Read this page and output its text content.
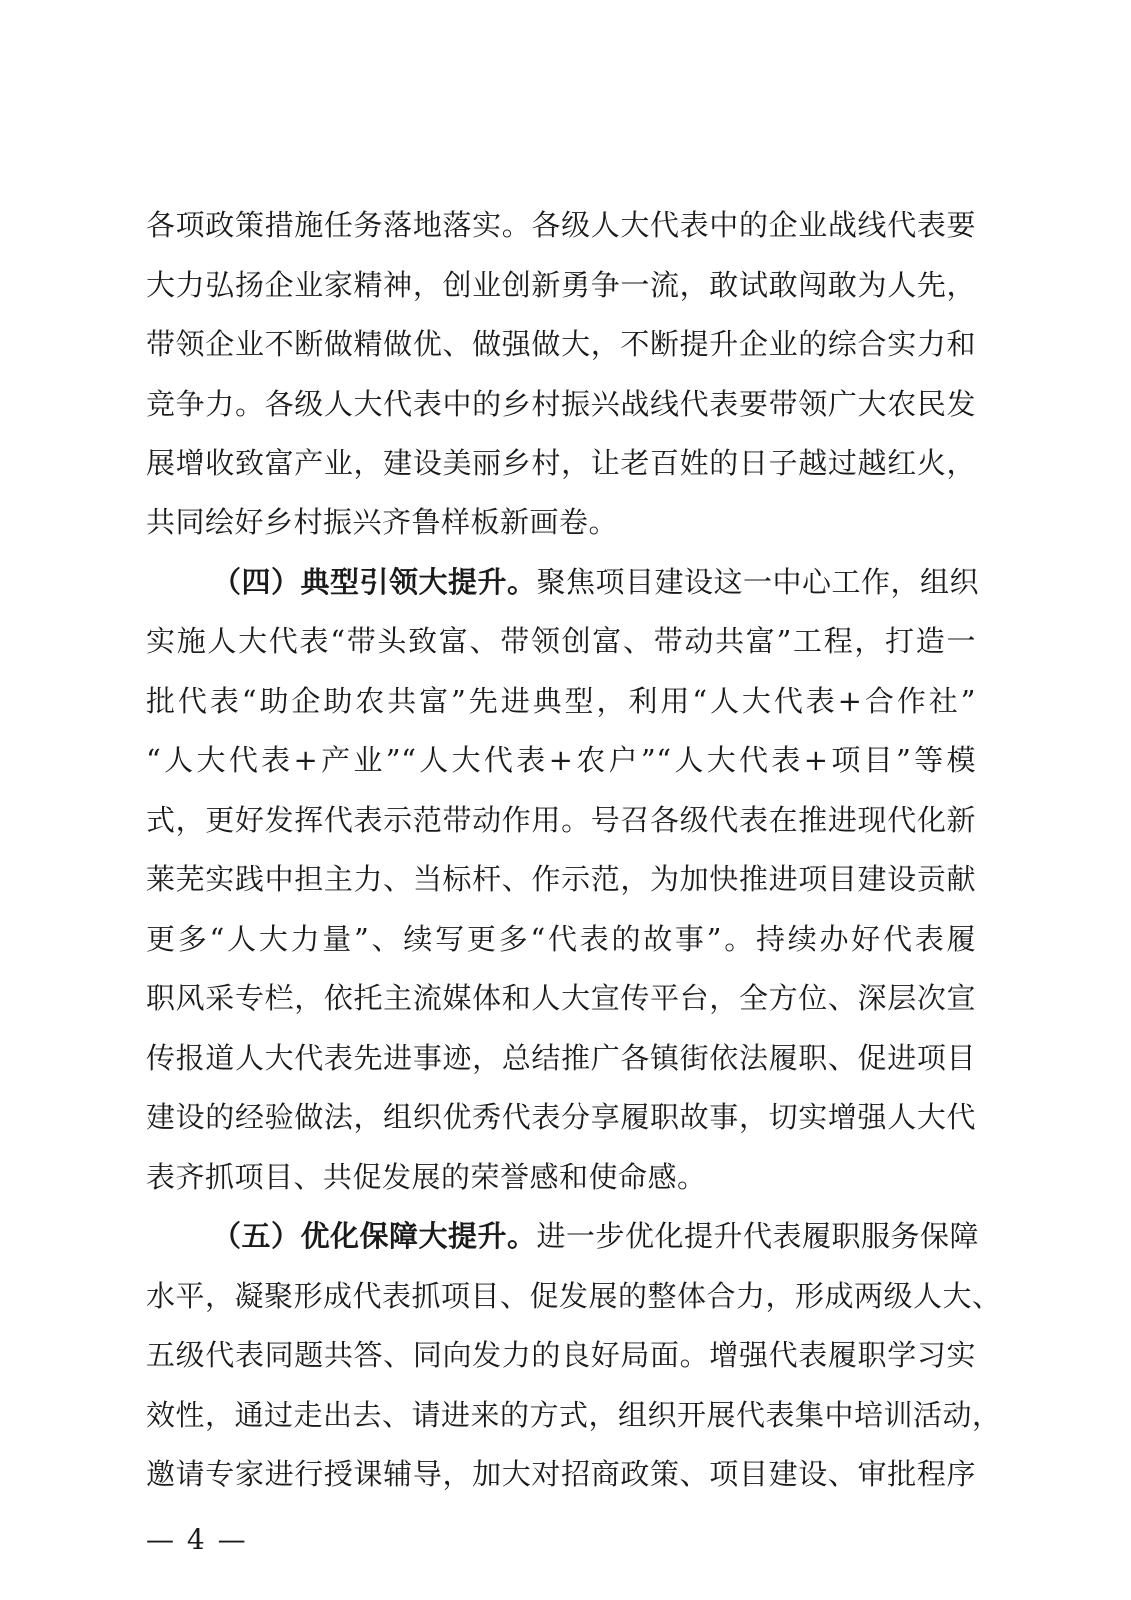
各项政策措施任务落地落实。各级人大代表中的企业战线代表要
大力弘扬企业家精神，创业创新勇争一流，敢试敢闯敢为人先，
带领企业不断做精做优、做强做大，不断提升企业的综合实力和
竞争力。各级人大代表中的乡村振兴战线代表要带领广大农民发
展增收致富产业，建设美丽乡村，让老百姓的日子越过越红火，
共同绘好乡村振兴齐鲁样板新画卷。
（四）典型引领大提升。聚焦项目建设这一中心工作，组织
实施人大代表“带头致富、带领创富、带动共富”工程，打造一
批代表“助企助农共富”先进典型，利用“人大代表+合作社”
“人大代表+产业”“人大代表+农户”“人大代表+项目”等模
式，更好发挥代表示范带动作用。号召各级代表在推进现代化新
莱芜实践中担主力、当标杆、作示范，为加快推进项目建设贡献
更多“人大力量”、续写更多“代表的故事”。持续办好代表履
职风采专栏，依托主流媒体和人大宣传平台，全方位、深层次宣
传报道人大代表先进事迹，总结推广各镇街依法履职、促进项目
建设的经验做法，组织优秀代表分享履职故事，切实增强人大代
表齐抓项目、共促发展的荣誉感和使命感。
（五）优化保障大提升。进一步优化提升代表履职服务保障
水平，凝聚形成代表抓项目、促发展的整体合力，形成两级人大、
五级代表同题共答、同向发力的良好局面。增强代表履职学习实
效性，通过走出去、请进来的方式，组织开展代表集中培训活动，
邀请专家进行授课辅导，加大对招商政策、项目建设、审批程序
— 4 —
